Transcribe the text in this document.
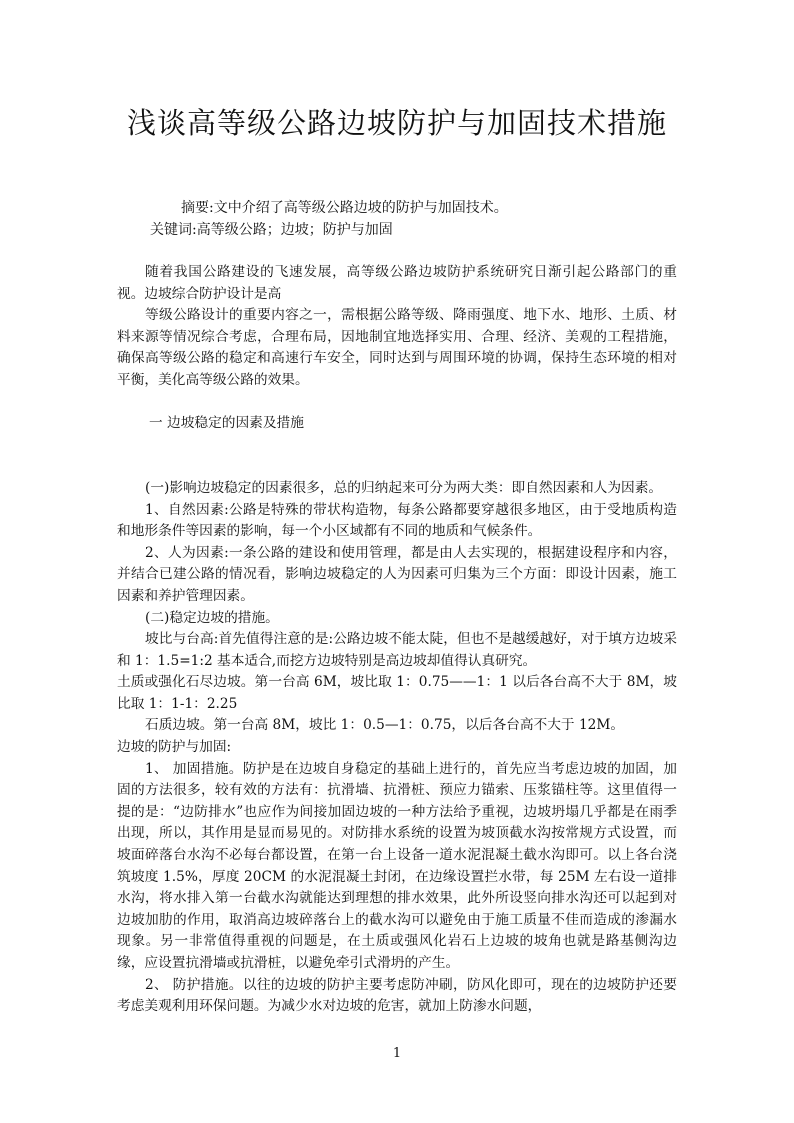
浅谈高等级公路边坡防护与加固技术措施
摘要:文中介绍了高等级公路边坡的防护与加固技术。
关键词:高等级公路；边坡；防护与加固

随着我国公路建设的飞速发展，高等级公路边坡防护系统研究日渐引起公路部门的重视。边坡综合防护设计是高

等级公路设计的重要内容之一，需根据公路等级、降雨强度、地下水、地形、土质、材料来源等情况综合考虑，合理布局，因地制宜地选择实用、合理、经济、美观的工程措施，确保高等级公路的稳定和高速行车安全，同时达到与周围环境的协调，保持生态环境的相对平衡，美化高等级公路的效果。

一 边坡稳定的因素及措施

(一)影响边坡稳定的因素很多，总的归纳起来可分为两大类：即自然因素和人为因素。

1、自然因素:公路是特殊的带状构造物，每条公路都要穿越很多地区，由于受地质构造和地形条件等因素的影响，每一个小区域都有不同的地质和气候条件。

2、人为因素:一条公路的建设和使用管理，都是由人去实现的，根据建设程序和内容，并结合已建公路的情况看，影响边坡稳定的人为因素可归集为三个方面：即设计因素，施工因素和养护管理因素。

(二)稳定边坡的措施。

坡比与台高:首先值得注意的是:公路边坡不能太陡，但也不是越缓越好，对于填方边坡采和 1：1.5=1:2 基本适合,而挖方边坡特别是高边坡却值得认真研究。

土质或强化石尽边坡。第一台高 6M，坡比取 1：0.75——1：1 以后各台高不大于 8M，坡比取 1：1-1：2.25

石质边坡。第一台高 8M，坡比 1：0.5—1：0.75，以后各台高不大于 12M。

边坡的防护与加固:

1、 加固措施。防护是在边坡自身稳定的基础上进行的，首先应当考虑边坡的加固，加固的方法很多，较有效的方法有：抗滑墙、抗滑桩、预应力锚索、压浆锚柱等。这里值得一提的是：“边防排水”也应作为间接加固边坡的一种方法给予重视，边坡坍塌几乎都是在雨季出现，所以，其作用是显而易见的。对防排水系统的设置为坡顶截水沟按常规方式设置，而坡面碎落台水沟不必每台都设置，在第一台上设备一道水泥混凝土截水沟即可。以上各台浇筑坡度 1.5%，厚度 20CM 的水泥混凝土封闭，在边缘设置拦水带，每 25M 左右设一道排水沟，将水排入第一台截水沟就能达到理想的排水效果，此外所设竖向排水沟还可以起到对边坡加肋的作用，取消高边坡碎落台上的截水沟可以避免由于施工质量不佳而造成的渗漏水现象。另一非常值得重视的问题是，在土质或强风化岩石上边坡的坡角也就是路基侧沟边缘，应设置抗滑墙或抗滑桩，以避免牵引式滑坍的产生。

2、 防护措施。以往的边坡的防护主要考虑防冲刷，防风化即可，现在的边坡防护还要考虑美观利用环保问题。为减少水对边坡的危害，就加上防渗水问题，

1
